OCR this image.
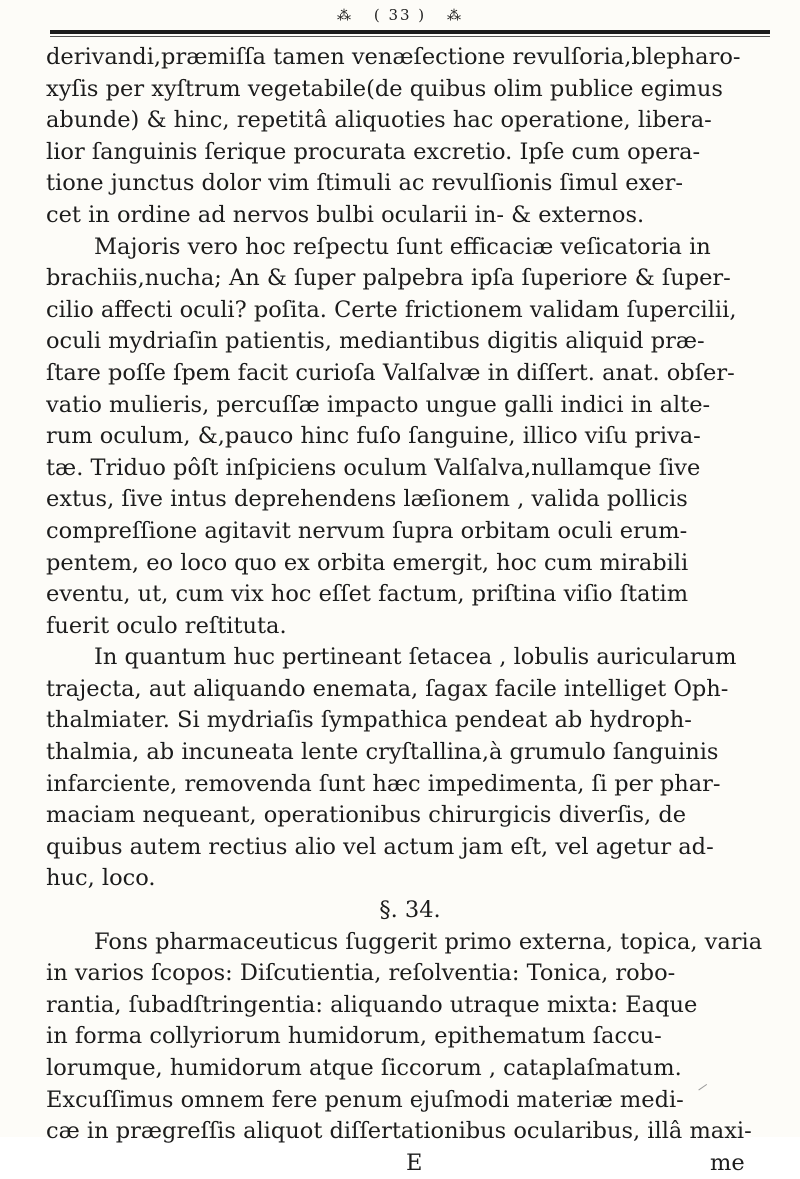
⁂ ( 33 ) ⁂
derivandi,præmiſſa tamen venæſectione revulſoria,blepharo-
xyſis per xyſtrum vegetabile(de quibus olim publice egimus
abunde) & hinc, repetitâ aliquoties hac operatione, libera-
lior ſanguinis ſerique procurata excretio. Ipſe cum opera-
tione junctus dolor vim ſtimuli ac revulſionis ſimul exer-
cet in ordine ad nervos bulbi ocularii in- & externos.
Majoris vero hoc reſpectu ſunt efficaciæ veſicatoria in
brachiis,nucha; An & ſuper palpebra ipſa ſuperiore & ſuper-
cilio affecti oculi? poſita. Certe frictionem validam ſupercilii,
oculi mydriaſin patientis, mediantibus digitis aliquid præ-
ſtare poſſe ſpem facit curioſa Valſalvæ in diſſert. anat. obſer-
vatio mulieris, percuſſæ impacto ungue galli indici in alte-
rum oculum, &,pauco hinc fuſo ſanguine, illico viſu priva-
tæ. Triduo pôſt inſpiciens oculum Valſalva,nullamque ſive
extus, ſive intus deprehendens læſionem , valida pollicis
compreſſione agitavit nervum ſupra orbitam oculi erum-
pentem, eo loco quo ex orbita emergit, hoc cum mirabili
eventu, ut, cum vix hoc eſſet factum, priſtina viſio ſtatim
fuerit oculo reſtituta.
In quantum huc pertineant ſetacea , lobulis auricularum
trajecta, aut aliquando enemata, ſagax facile intelliget Oph-
thalmiater. Si mydriaſis ſympathica pendeat ab hydroph-
thalmia, ab incuneata lente cryſtallina,à grumulo ſanguinis
infarciente, removenda ſunt hæc impedimenta, ſi per phar-
maciam nequeant, operationibus chirurgicis diverſis, de
quibus autem rectius alio vel actum jam eſt, vel agetur ad-
huc, loco.
§. 34.
Fons pharmaceuticus ſuggerit primo externa, topica, varia
in varios ſcopos: Diſcutientia, reſolventia: Tonica, robo-
rantia, ſubadſtringentia: aliquando utraque mixta: Eaque
in forma collyriorum humidorum, epithematum ſaccu-
lorumque, humidorum atque ſiccorum , cataplaſmatum.
Excuſſimus omnem fere penum ejuſmodi materiæ medi-
cæ in prægreſſis aliquot diſſertationibus ocularibus, illâ maxi-
E	me
